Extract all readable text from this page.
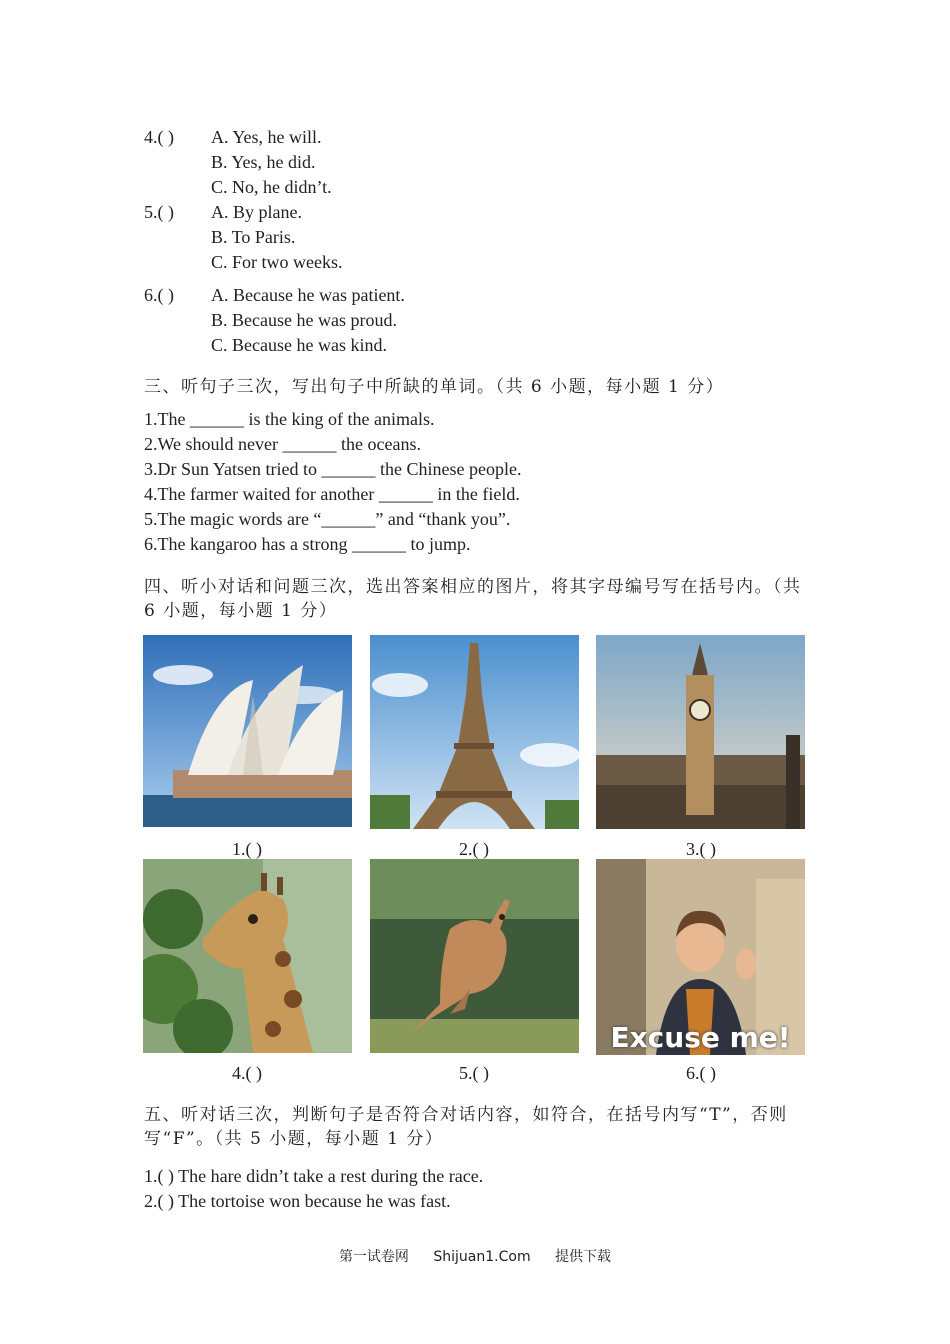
4.( )	A. Yes, he will.
B. Yes, he did.
C. No, he didn’t.
5.( )	A. By plane.
B. To Paris.
C. For two weeks.
6.( )	A. Because he was patient.
B. Because he was proud.
C. Because he was kind.
三、听句子三次，写出句子中所缺的单词。（共 6 小题，每小题 1 分）
1.The ______ is the king of the animals.
2.We should never ______ the oceans.
3.Dr Sun Yatsen tried to ______ the Chinese people.
4.The farmer waited for another ______ in the field.
5.The magic words are “______” and “thank you”.
6.The kangaroo has a strong ______ to jump.
四、听小对话和问题三次，选出答案相应的图片，将其字母编号写在括号内。（共 6 小题，每小题 1 分）
1.( )	2.( )	3.( )
Excuse me!
4.( )	5.( )	6.( )
五、听对话三次，判断句子是否符合对话内容，如符合，在括号内写“T”，否则写“F”。（共 5 小题，每小题 1 分）
1.( ) The hare didn’t take a rest during the race.
2.( ) The tortoise won because he was fast.
第一试卷网 Shijuan1.Com 提供下载
